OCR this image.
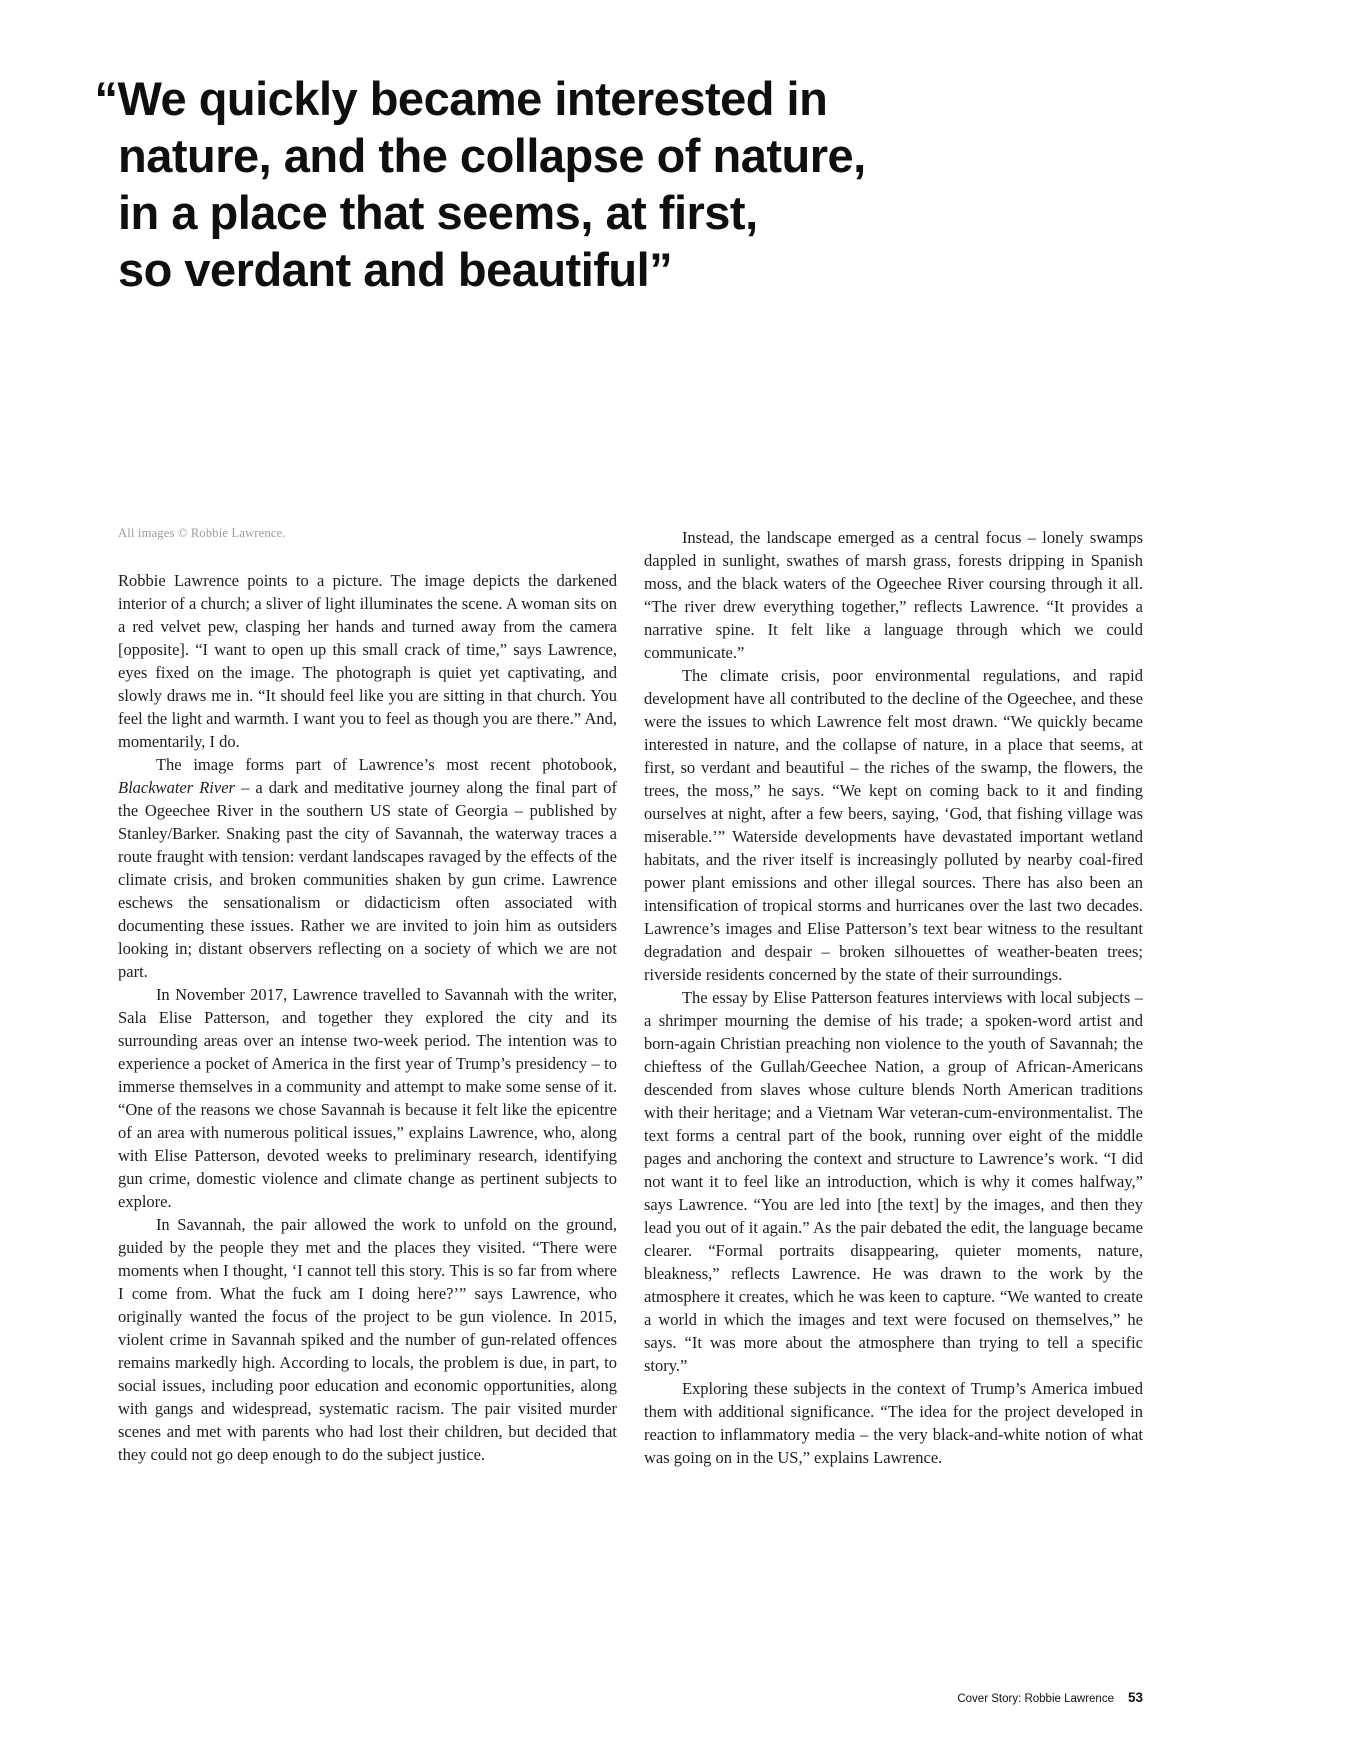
“We quickly became interested in
nature, and the collapse of nature,
in a place that seems, at first,
so verdant and beautiful”
All images © Robbie Lawrence.

Robbie Lawrence points to a picture. The image depicts the darkened interior of a church; a sliver of light illuminates the scene. A woman sits on a red velvet pew, clasping her hands and turned away from the camera [opposite]. “I want to open up this small crack of time,” says Lawrence, eyes fixed on the image. The photograph is quiet yet captivating, and slowly draws me in. “It should feel like you are sitting in that church. You feel the light and warmth. I want you to feel as though you are there.” And, momentarily, I do.

The image forms part of Lawrence’s most recent photobook, Blackwater River – a dark and meditative journey along the final part of the Ogeechee River in the southern US state of Georgia – published by Stanley/Barker. Snaking past the city of Savannah, the waterway traces a route fraught with tension: verdant landscapes ravaged by the effects of the climate crisis, and broken communities shaken by gun crime. Lawrence eschews the sensationalism or didacticism often associated with documenting these issues. Rather we are invited to join him as outsiders looking in; distant observers reflecting on a society of which we are not part.

In November 2017, Lawrence travelled to Savannah with the writer, Sala Elise Patterson, and together they explored the city and its surrounding areas over an intense two-week period. The intention was to experience a pocket of America in the first year of Trump’s presidency – to immerse themselves in a community and attempt to make some sense of it. “One of the reasons we chose Savannah is because it felt like the epicentre of an area with numerous political issues,” explains Lawrence, who, along with Elise Patterson, devoted weeks to preliminary research, identifying gun crime, domestic violence and climate change as pertinent subjects to explore.

In Savannah, the pair allowed the work to unfold on the ground, guided by the people they met and the places they visited. “There were moments when I thought, ‘I cannot tell this story. This is so far from where I come from. What the fuck am I doing here?’” says Lawrence, who originally wanted the focus of the project to be gun violence. In 2015, violent crime in Savannah spiked and the number of gun-related offences remains markedly high. According to locals, the problem is due, in part, to social issues, including poor education and economic opportunities, along with gangs and widespread, systematic racism. The pair visited murder scenes and met with parents who had lost their children, but decided that they could not go deep enough to do the subject justice.

Instead, the landscape emerged as a central focus – lonely swamps dappled in sunlight, swathes of marsh grass, forests dripping in Spanish moss, and the black waters of the Ogeechee River coursing through it all. “The river drew everything together,” reflects Lawrence. “It provides a narrative spine. It felt like a language through which we could communicate.”

The climate crisis, poor environmental regulations, and rapid development have all contributed to the decline of the Ogeechee, and these were the issues to which Lawrence felt most drawn. “We quickly became interested in nature, and the collapse of nature, in a place that seems, at first, so verdant and beautiful – the riches of the swamp, the flowers, the trees, the moss,” he says. “We kept on coming back to it and finding ourselves at night, after a few beers, saying, ‘God, that fishing village was miserable.’” Waterside developments have devastated important wetland habitats, and the river itself is increasingly polluted by nearby coal-fired power plant emissions and other illegal sources. There has also been an intensification of tropical storms and hurricanes over the last two decades. Lawrence’s images and Elise Patterson’s text bear witness to the resultant degradation and despair – broken silhouettes of weather-beaten trees; riverside residents concerned by the state of their surroundings.

The essay by Elise Patterson features interviews with local subjects – a shrimper mourning the demise of his trade; a spoken-word artist and born-again Christian preaching non violence to the youth of Savannah; the chieftess of the Gullah/Geechee Nation, a group of African-Americans descended from slaves whose culture blends North American traditions with their heritage; and a Vietnam War veteran-cum-environmentalist. The text forms a central part of the book, running over eight of the middle pages and anchoring the context and structure to Lawrence’s work. “I did not want it to feel like an introduction, which is why it comes halfway,” says Lawrence. “You are led into [the text] by the images, and then they lead you out of it again.” As the pair debated the edit, the language became clearer. “Formal portraits disappearing, quieter moments, nature, bleakness,” reflects Lawrence. He was drawn to the work by the atmosphere it creates, which he was keen to capture. “We wanted to create a world in which the images and text were focused on themselves,” he says. “It was more about the atmosphere than trying to tell a specific story.”

Exploring these subjects in the context of Trump’s America imbued them with additional significance. “The idea for the project developed in reaction to inflammatory media – the very black-and-white notion of what was going on in the US,” explains Lawrence.

Cover Story: Robbie Lawrence 53
